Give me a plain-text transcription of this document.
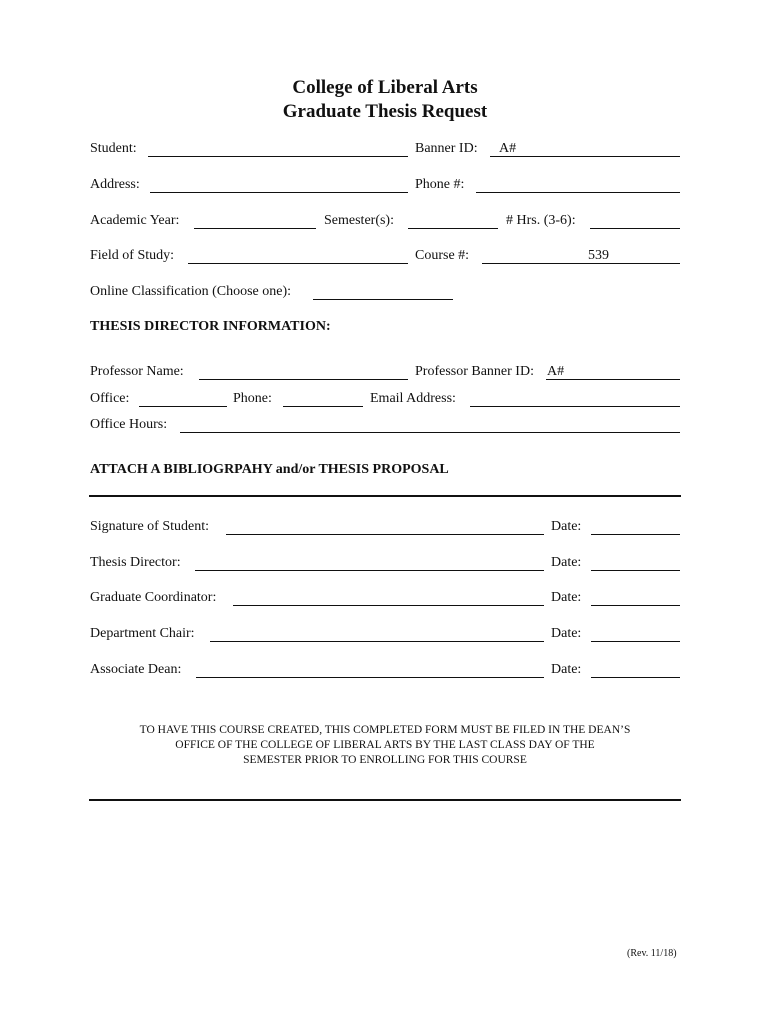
College of Liberal Arts
Graduate Thesis Request
Student:	Banner ID: A#
Address:	Phone #:
Academic Year:	Semester(s):	# Hrs. (3-6):
Field of Study:	Course #:	539
Online Classification (Choose one):
THESIS DIRECTOR INFORMATION:
Professor Name:	Professor Banner ID: A#
Office:	Phone:	Email Address:
Office Hours:
ATTACH A BIBLIOGRPAHY and/or THESIS PROPOSAL
Signature of Student:	Date:
Thesis Director:	Date:
Graduate Coordinator:	Date:
Department Chair:	Date:
Associate Dean:	Date:
TO HAVE THIS COURSE CREATED, THIS COMPLETED FORM MUST BE FILED IN THE DEAN’S
OFFICE OF THE COLLEGE OF LIBERAL ARTS BY THE LAST CLASS DAY OF THE
SEMESTER PRIOR TO ENROLLING FOR THIS COURSE
(Rev. 11/18)
